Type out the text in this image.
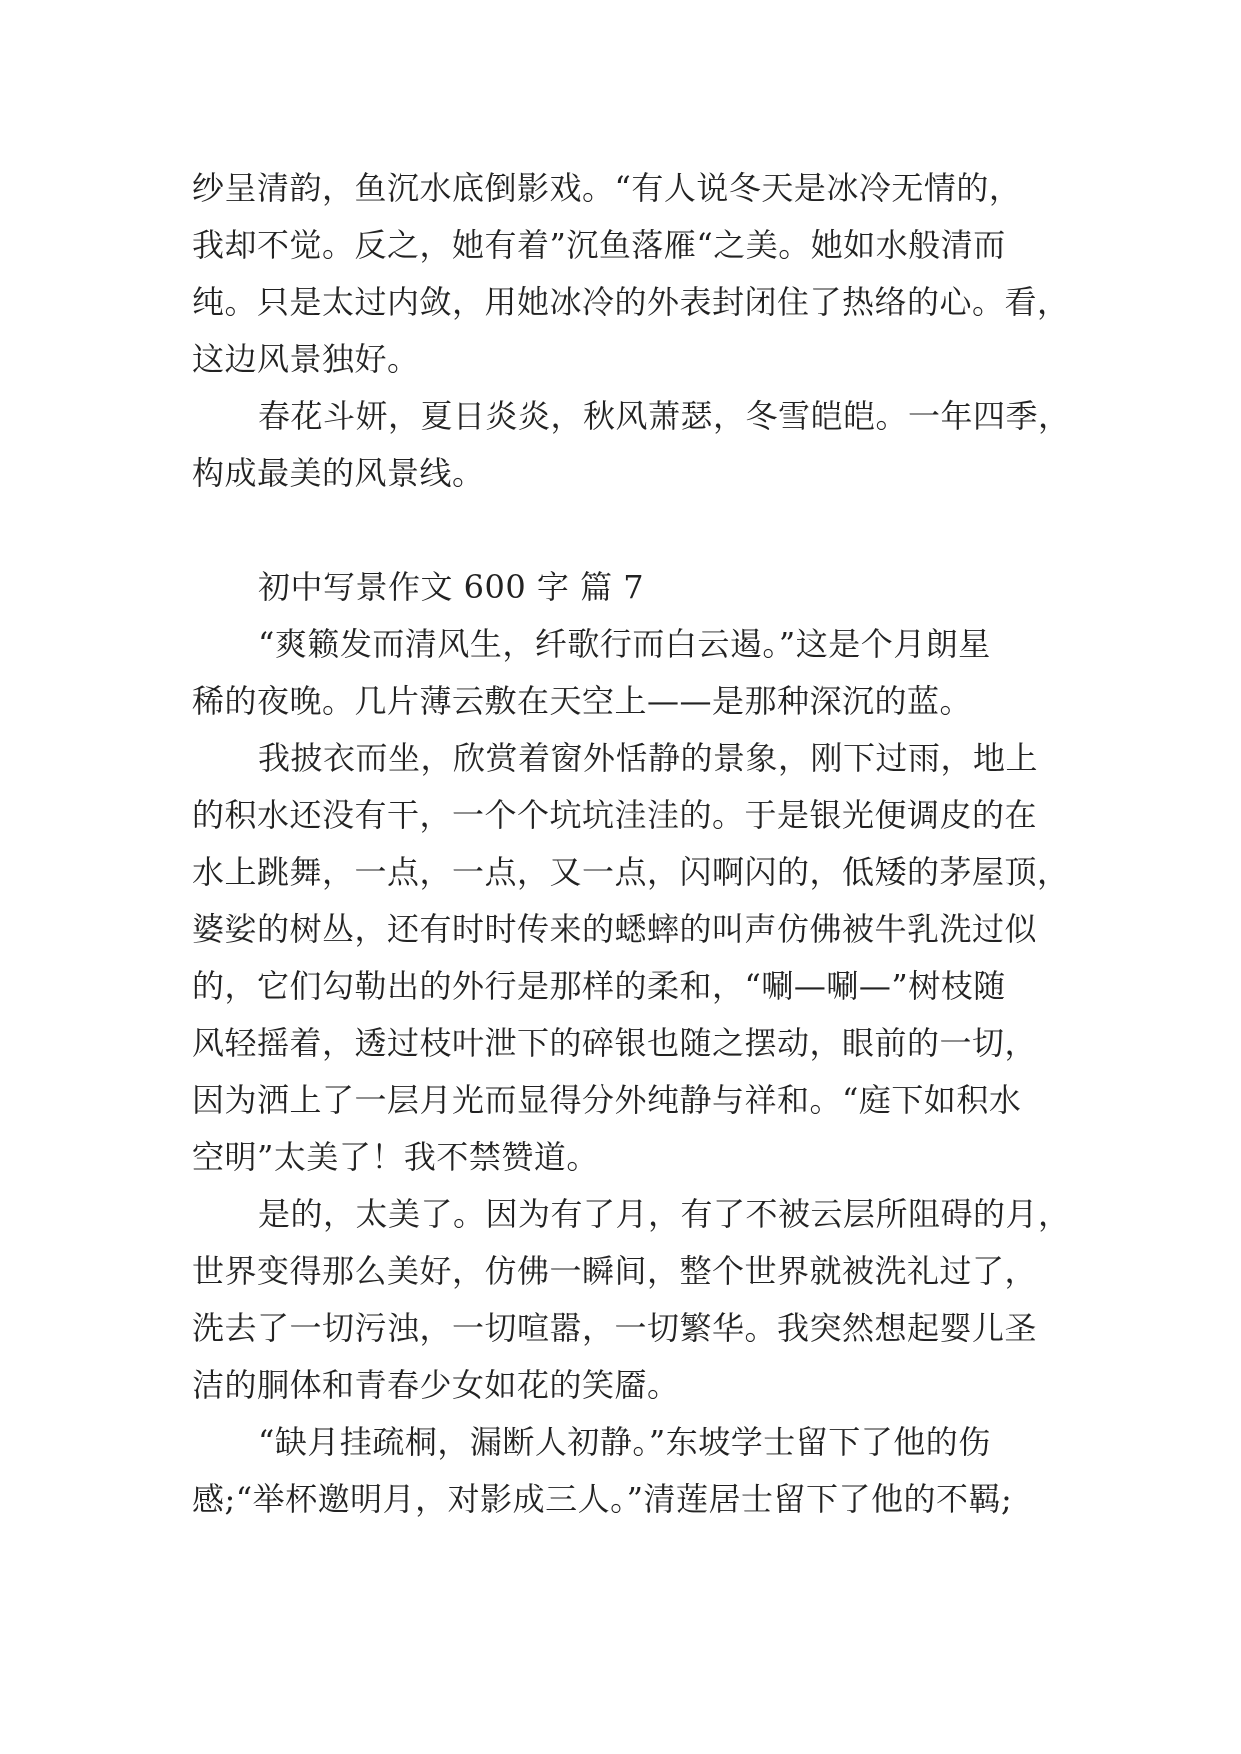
纱呈清韵，鱼沉水底倒影戏。“有人说冬天是冰冷无情的，
我却不觉。反之，她有着”沉鱼落雁“之美。她如水般清而
纯。只是太过内敛，用她冰冷的外表封闭住了热络的心。看，
这边风景独好。
春花斗妍，夏日炎炎，秋风萧瑟，冬雪皑皑。一年四季，
构成最美的风景线。
初中写景作文 600 字 篇 7
“爽籁发而清风生，纤歌行而白云遏。”这是个月朗星
稀的夜晚。几片薄云敷在天空上——是那种深沉的蓝。
我披衣而坐，欣赏着窗外恬静的景象，刚下过雨，地上
的积水还没有干，一个个坑坑洼洼的。于是银光便调皮的在
水上跳舞，一点，一点，又一点，闪啊闪的，低矮的茅屋顶，
婆娑的树丛，还有时时传来的蟋蟀的叫声仿佛被牛乳洗过似
的，它们勾勒出的外行是那样的柔和，“唰—唰—”树枝随
风轻摇着，透过枝叶泄下的碎银也随之摆动，眼前的一切，
因为洒上了一层月光而显得分外纯静与祥和。“庭下如积水
空明”太美了！我不禁赞道。
是的，太美了。因为有了月，有了不被云层所阻碍的月，
世界变得那么美好，仿佛一瞬间，整个世界就被洗礼过了，
洗去了一切污浊，一切喧嚣，一切繁华。我突然想起婴儿圣
洁的胴体和青春少女如花的笑靥。
“缺月挂疏桐，漏断人初静。”东坡学士留下了他的伤
感;“举杯邀明月，对影成三人。”清莲居士留下了他的不羁;
